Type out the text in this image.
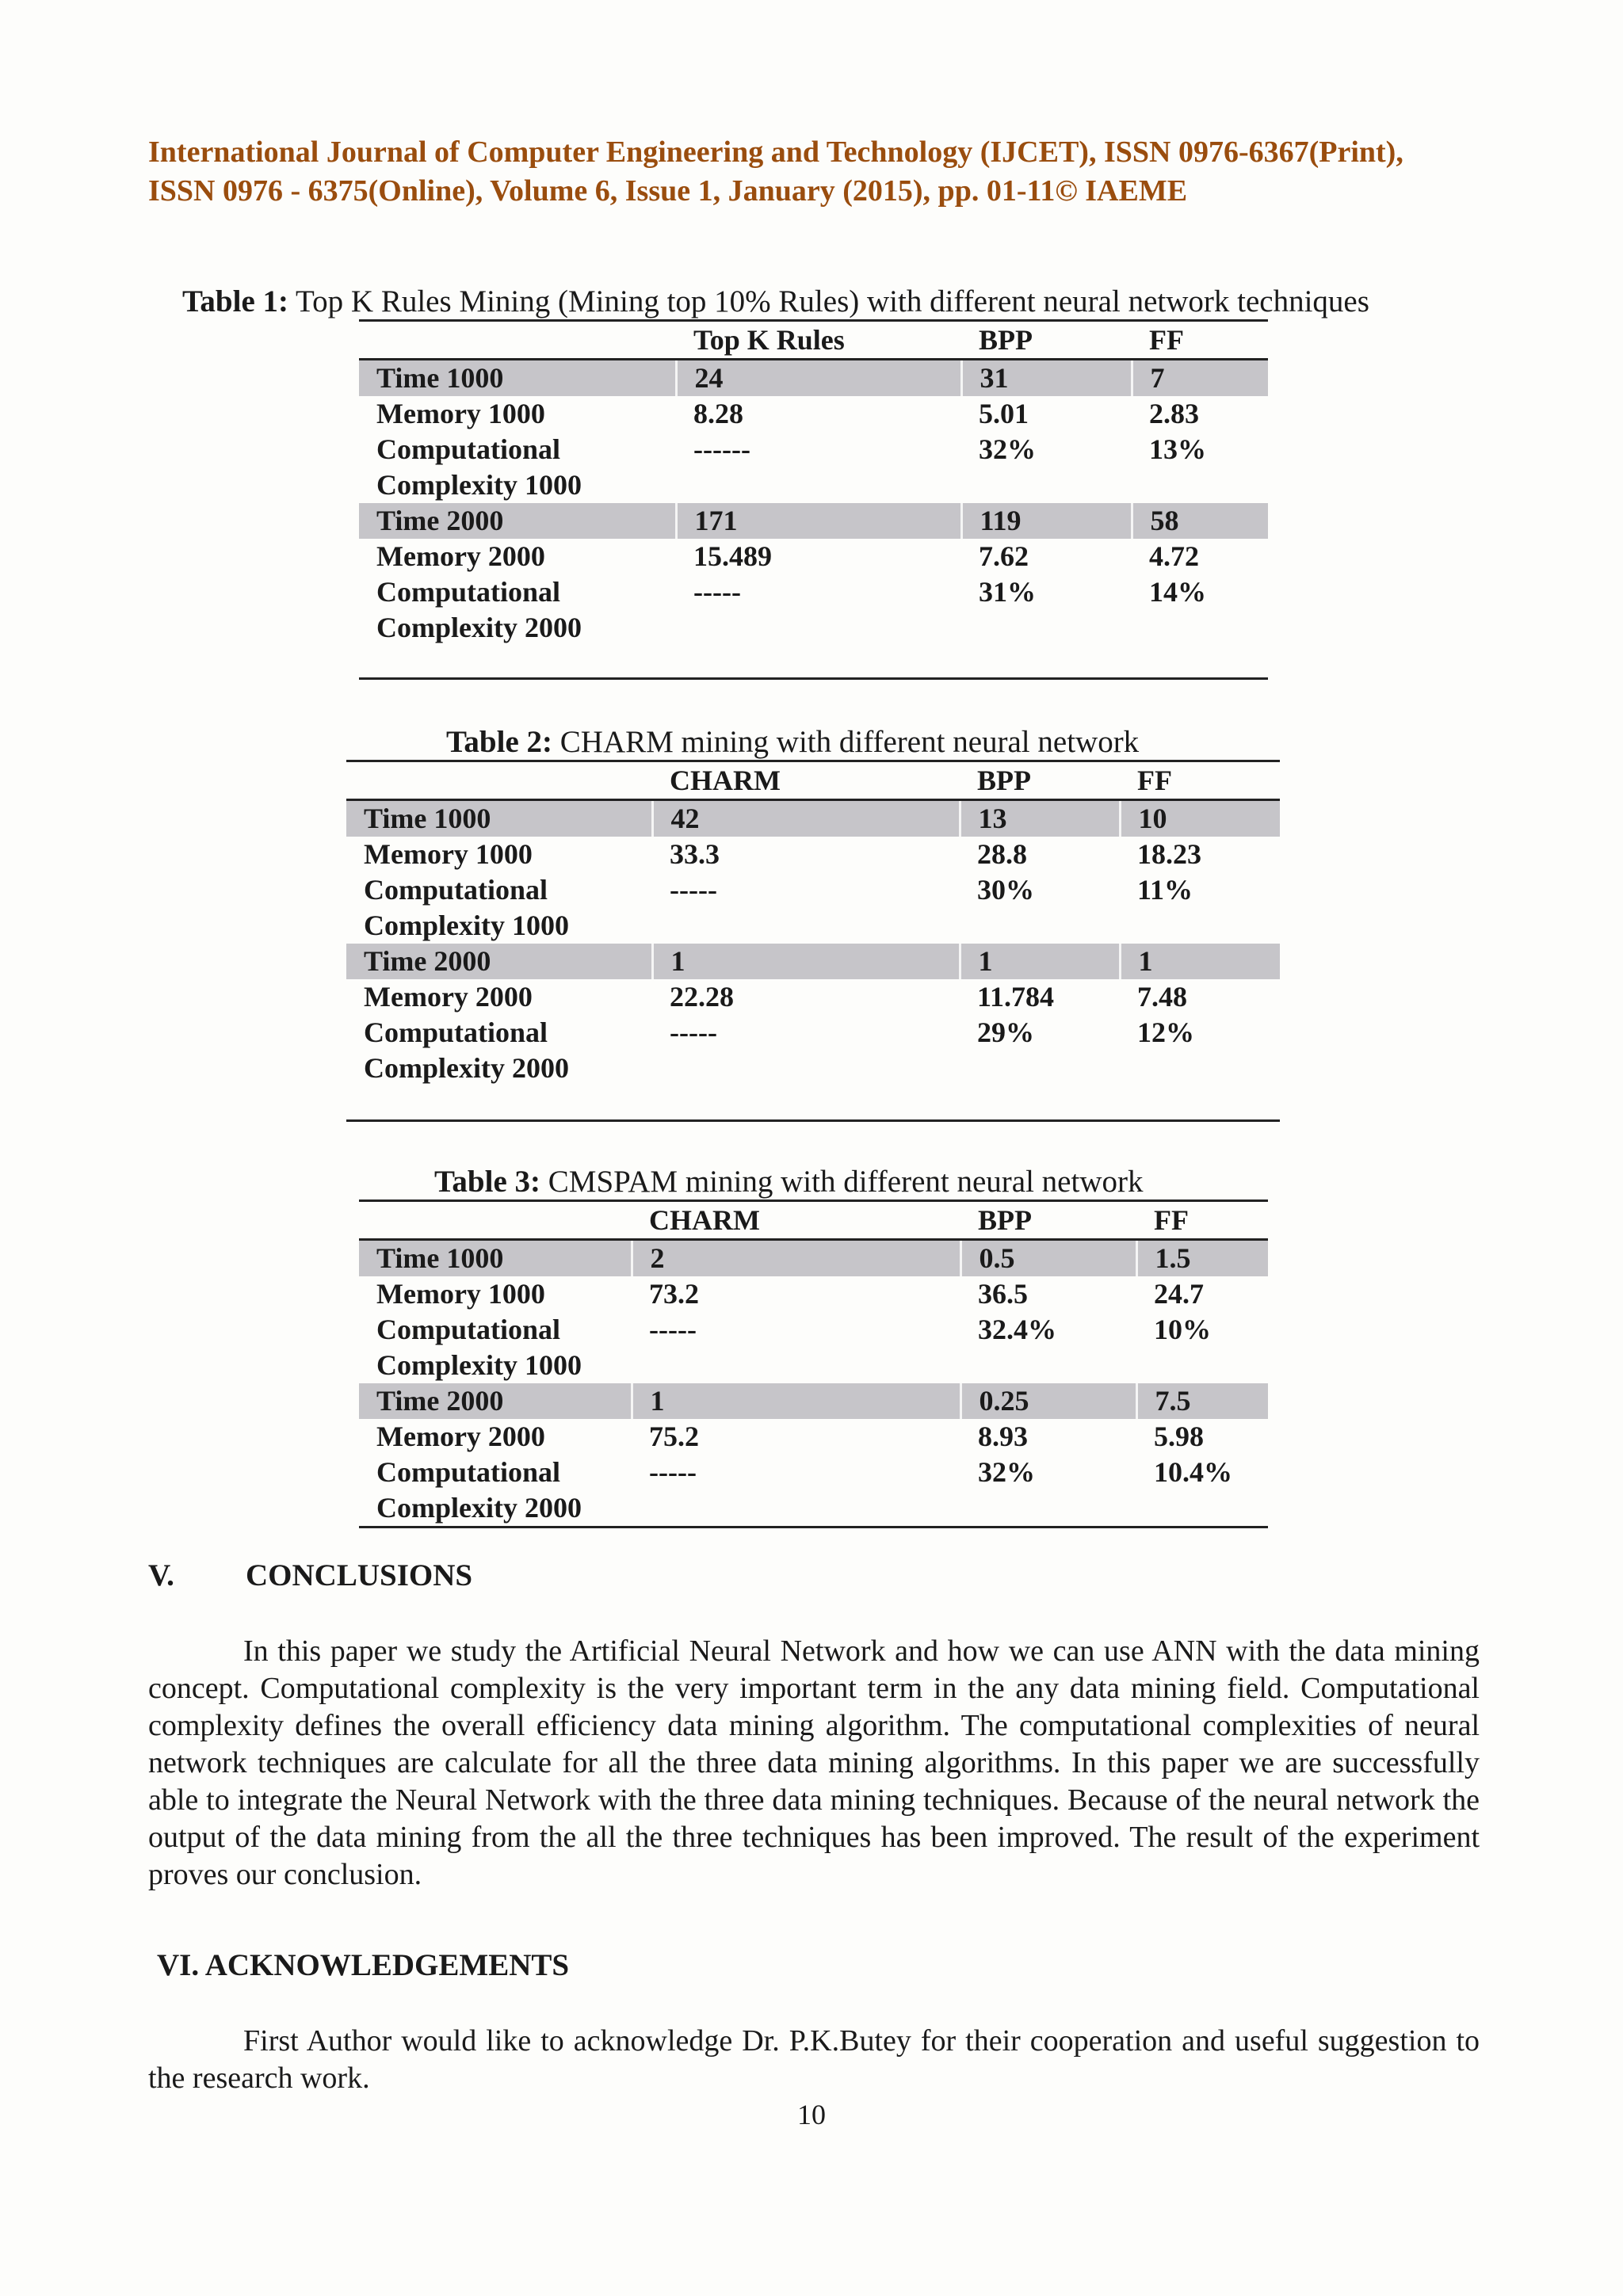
International Journal of Computer Engineering and Technology (IJCET), ISSN 0976-6367(Print),
ISSN 0976 - 6375(Online), Volume 6, Issue 1, January (2015), pp. 01-11© IAEME
Table 1: Top K Rules Mining (Mining top 10% Rules) with different neural network techniques
	Top K Rules	BPP	FF
Time 1000	24	31	7
Memory 1000	8.28	5.01	2.83
Computational Complexity 1000	------	32%	13%
Time 2000	171	119	58
Memory 2000	15.489	7.62	4.72
Computational Complexity 2000	-----	31%	14%

Table 2: CHARM mining with different neural network
	CHARM	BPP	FF
Time 1000	42	13	10
Memory 1000	33.3	28.8	18.23
Computational Complexity 1000	-----	30%	11%
Time 2000	1	1	1
Memory 2000	22.28	11.784	7.48
Computational Complexity 2000	-----	29%	12%

Table 3: CMSPAM mining with different neural network
	CHARM	BPP	FF
Time 1000	2	0.5	1.5
Memory 1000	73.2	36.5	24.7
Computational Complexity 1000	-----	32.4%	10%
Time 2000	1	0.25	7.5
Memory 2000	75.2	8.93	5.98
Computational Complexity 2000	-----	32%	10.4%

V. CONCLUSIONS

In this paper we study the Artificial Neural Network and how we can use ANN with the data mining concept. Computational complexity is the very important term in the any data mining field. Computational complexity defines the overall efficiency data mining algorithm. The computational complexities of neural network techniques are calculate for all the three data mining algorithms. In this paper we are successfully able to integrate the Neural Network with the three data mining techniques. Because of the neural network the output of the data mining from the all the three techniques has been improved. The result of the experiment proves our conclusion.

VI. ACKNOWLEDGEMENTS

First Author would like to acknowledge Dr. P.K.Butey for their cooperation and useful suggestion to the research work.

10
